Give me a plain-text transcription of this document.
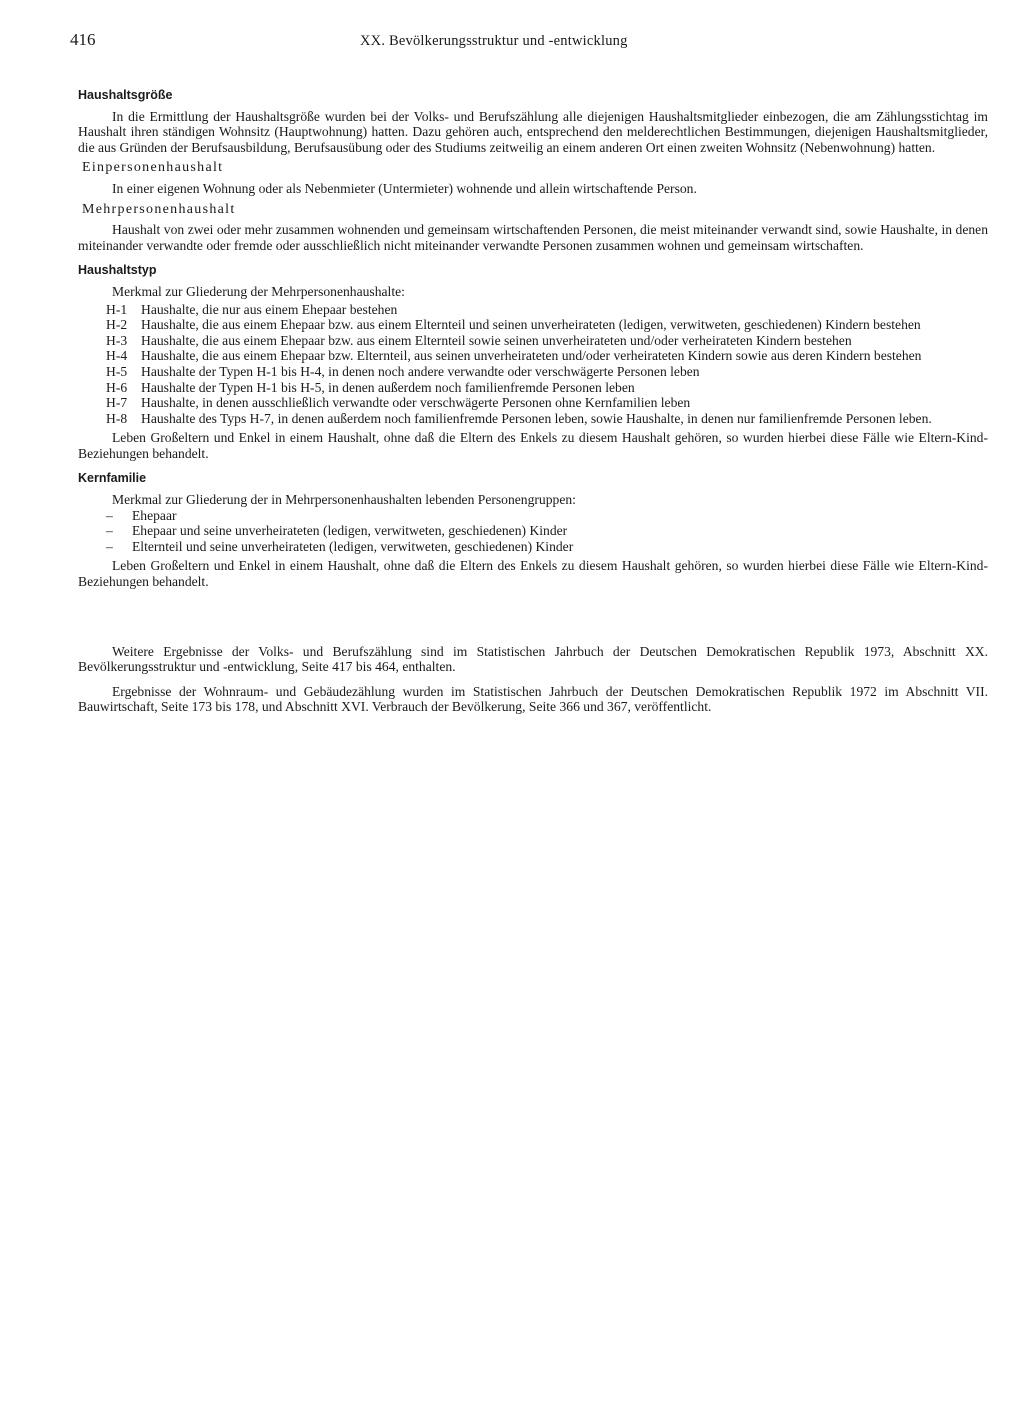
416	XX. Bevölkerungsstruktur und -entwicklung
Haushaltsgröße

In die Ermittlung der Haushaltsgröße wurden bei der Volks- und Berufszählung alle diejenigen Haushaltsmitglieder einbezogen, die am Zählungsstichtag im Haushalt ihren ständigen Wohnsitz (Hauptwohnung) hatten. Dazu gehören auch, entsprechend den melderechtlichen Bestimmungen, diejenigen Haushaltsmitglieder, die aus Gründen der Berufsausbildung, Berufsausübung oder des Studiums zeitweilig an einem anderen Ort einen zweiten Wohnsitz (Nebenwohnung) hatten.

Einpersonenhaushalt

In einer eigenen Wohnung oder als Nebenmieter (Untermieter) wohnende und allein wirtschaftende Person.

Mehrpersonenhaushalt

Haushalt von zwei oder mehr zusammen wohnenden und gemeinsam wirtschaftenden Personen, die meist miteinander verwandt sind, sowie Haushalte, in denen miteinander verwandte oder fremde oder ausschließlich nicht miteinander verwandte Personen zusammen wohnen und gemeinsam wirtschaften.

Haushaltstyp

Merkmal zur Gliederung der Mehrpersonenhaushalte:

H-1	Haushalte, die nur aus einem Ehepaar bestehen
H-2	Haushalte, die aus einem Ehepaar bzw. aus einem Elternteil und seinen unverheirateten (ledigen, verwitweten, geschiedenen) Kindern bestehen
H-3	Haushalte, die aus einem Ehepaar bzw. aus einem Elternteil sowie seinen unverheirateten und/oder verheirateten Kindern bestehen
H-4	Haushalte, die aus einem Ehepaar bzw. Elternteil, aus seinen unverheirateten und/oder verheirateten Kindern sowie aus deren Kindern bestehen
H-5	Haushalte der Typen H-1 bis H-4, in denen noch andere verwandte oder verschwägerte Personen leben
H-6	Haushalte der Typen H-1 bis H-5, in denen außerdem noch familienfremde Personen leben
H-7	Haushalte, in denen ausschließlich verwandte oder verschwägerte Personen ohne Kernfamilien leben
H-8	Haushalte des Typs H-7, in denen außerdem noch familienfremde Personen leben, sowie Haushalte, in denen nur familienfremde Personen leben.

Leben Großeltern und Enkel in einem Haushalt, ohne daß die Eltern des Enkels zu diesem Haushalt gehören, so wurden hierbei diese Fälle wie Eltern-Kind-Beziehungen behandelt.

Kernfamilie

Merkmal zur Gliederung der in Mehrpersonenhaushalten lebenden Personengruppen:

–	Ehepaar
–	Ehepaar und seine unverheirateten (ledigen, verwitweten, geschiedenen) Kinder
–	Elternteil und seine unverheirateten (ledigen, verwitweten, geschiedenen) Kinder

Leben Großeltern und Enkel in einem Haushalt, ohne daß die Eltern des Enkels zu diesem Haushalt gehören, so wurden hierbei diese Fälle wie Eltern-Kind-Beziehungen behandelt.

Weitere Ergebnisse der Volks- und Berufszählung sind im Statistischen Jahrbuch der Deutschen Demokratischen Republik 1973, Abschnitt XX. Bevölkerungsstruktur und -entwicklung, Seite 417 bis 464, enthalten.

Ergebnisse der Wohnraum- und Gebäudezählung wurden im Statistischen Jahrbuch der Deutschen Demokratischen Republik 1972 im Abschnitt VII. Bauwirtschaft, Seite 173 bis 178, und Abschnitt XVI. Verbrauch der Bevölkerung, Seite 366 und 367, veröffentlicht.
